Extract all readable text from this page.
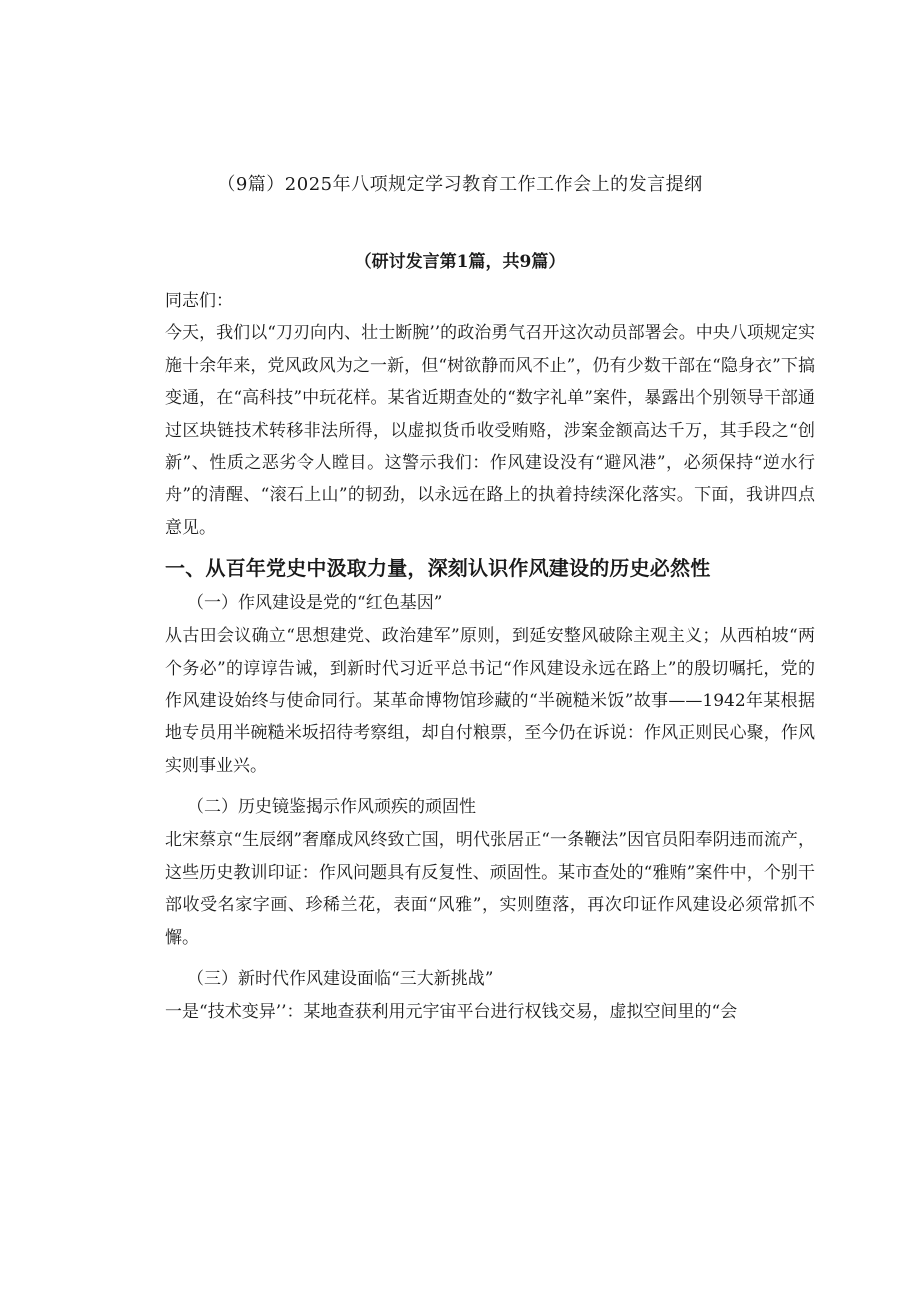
（9篇）2025年八项规定学习教育工作工作会上的发言提纲
（研讨发言第1篇，共9篇）

同志们：

今天，我们以“刀刃向内、壮士断腕’’的政治勇气召开这次动员部署会。中央八项规定实施十余年来，党风政风为之一新，但“树欲静而风不止”，仍有少数干部在“隐身衣”下搞变通，在“高科技”中玩花样。某省近期查处的“数字礼单”案件，暴露出个别领导干部通过区块链技术转移非法所得，以虚拟货币收受贿赂，涉案金额高达千万，其手段之“创新”、性质之恶劣令人瞠目。这警示我们：作风建设没有“避风港”，必须保持“逆水行舟”的清醒、“滚石上山”的韧劲，以永远在路上的执着持续深化落实。下面，我讲四点意见。

一、从百年党史中汲取力量，深刻认识作风建设的历史必然性

（一）作风建设是党的“红色基因”

从古田会议确立“思想建党、政治建军”原则，到延安整风破除主观主义；从西柏坡“两个务必”的谆谆告诫，到新时代习近平总书记“作风建设永远在路上”的殷切嘱托，党的作风建设始终与使命同行。某革命博物馆珍藏的“半碗糙米饭”故事——1942年某根据地专员用半碗糙米坂招待考察组，却自付粮票，至今仍在诉说：作风正则民心聚，作风实则事业兴。

（二）历史镜鉴揭示作风顽疾的顽固性

北宋蔡京“生辰纲”奢靡成风终致亡国，明代张居正“一条鞭法”因官员阳奉阴违而流产，这些历史教训印证：作风问题具有反复性、顽固性。某市查处的“雅贿”案件中，个别干部收受名家字画、珍稀兰花，表面“风雅”，实则堕落，再次印证作风建设必须常抓不懈。

（三）新时代作风建设面临“三大新挑战”

一是“技术变异’’：某地查获利用元宇宙平台进行权钱交易，虚拟空间里的“会
